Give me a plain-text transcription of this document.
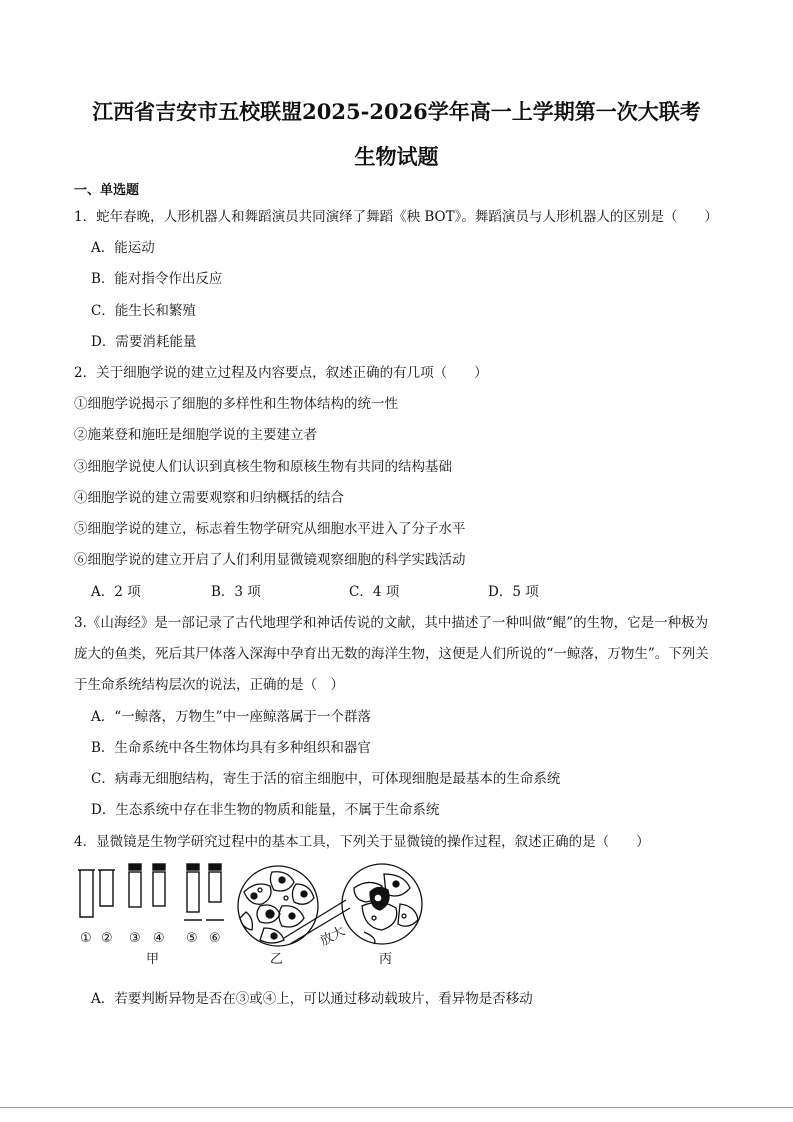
江西省吉安市五校联盟2025-2026学年高一上学期第一次大联考
生物试题
一、单选题
1．蛇年春晚，人形机器人和舞蹈演员共同演绎了舞蹈《秧 BOT》。舞蹈演员与人形机器人的区别是（　　）
A．能运动
B．能对指令作出反应
C．能生长和繁殖
D．需要消耗能量
2．关于细胞学说的建立过程及内容要点，叙述正确的有几项（　　）
①细胞学说揭示了细胞的多样性和生物体结构的统一性
②施莱登和施旺是细胞学说的主要建立者
③细胞学说使人们认识到真核生物和原核生物有共同的结构基础
④细胞学说的建立需要观察和归纳概括的结合
⑤细胞学说的建立，标志着生物学研究从细胞水平进入了分子水平
⑥细胞学说的建立开启了人们利用显微镜观察细胞的科学实践活动
A．2 项	B．3 项	C．4 项	D．5 项
3.《山海经》是一部记录了古代地理学和神话传说的文献，其中描述了一种叫做“鲲”的生物，它是一种极为
庞大的鱼类，死后其尸体落入深海中孕育出无数的海洋生物，这便是人们所说的“一鲸落，万物生”。下列关
于生命系统结构层次的说法，正确的是（　）
A．“一鲸落，万物生”中一座鲸落属于一个群落
B．生命系统中各生物体均具有多种组织和器官
C．病毒无细胞结构，寄生于活的宿主细胞中，可体现细胞是最基本的生命系统
D．生态系统中存在非生物的物质和能量，不属于生命系统
4．显微镜是生物学研究过程中的基本工具，下列关于显微镜的操作过程，叙述正确的是（　　）
① ② ③ ④ ⑤ ⑥
甲	乙	丙
放大
A．若要判断异物是否在③或④上，可以通过移动载玻片，看异物是否移动
